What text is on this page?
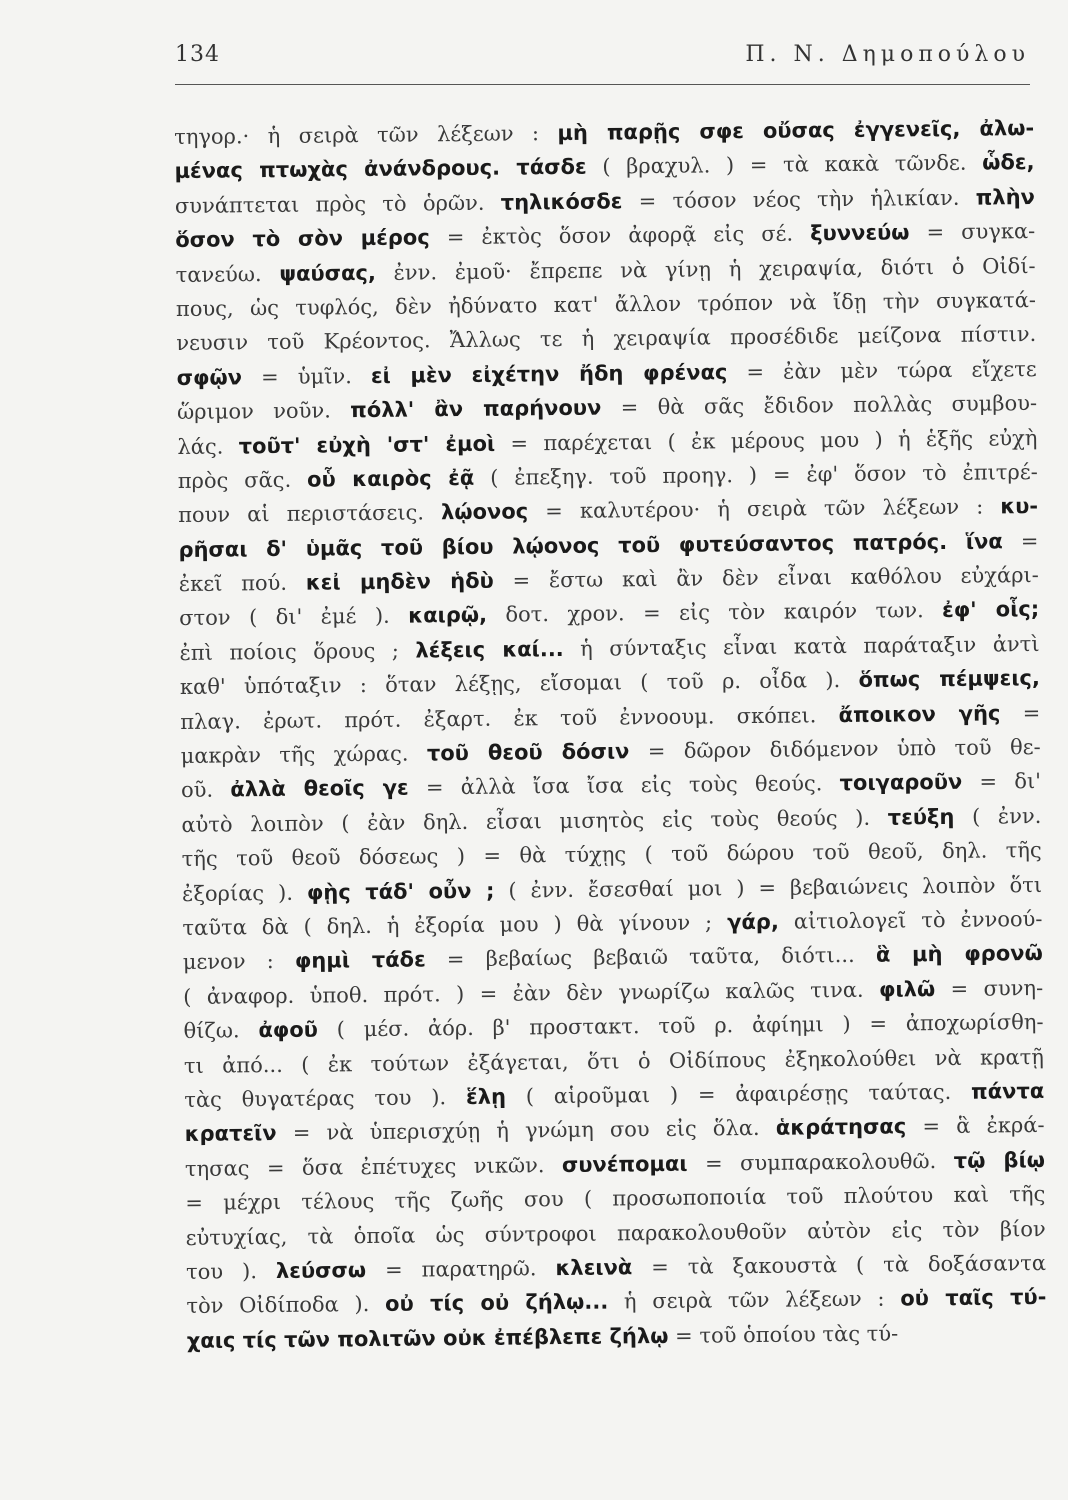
134	Π. Ν. Δημοπούλου
τηγορ.· ἡ σειρὰ τῶν λέξεων : μὴ παρῇς σφε οὔσας ἐγγενεῖς, ἀλω-
μένας πτωχὰς ἀνάνδρους. τάσδε ( βραχυλ. ) = τὰ κακὰ τῶνδε. ὧδε,
συνάπτεται πρὸς τὸ ὁρῶν. τηλικόσδε = τόσον νέος τὴν ἡλικίαν. πλὴν
ὅσον τὸ σὸν μέρος = ἐκτὸς ὅσον ἀφορᾷ εἰς σέ. ξυννεύω = συγκα-
τανεύω. ψαύσας, ἐνν. ἐμοῦ· ἔπρεπε νὰ γίνῃ ἡ χειραψία, διότι ὁ Οἰδί-
πους, ὡς τυφλός, δὲν ἠδύνατο κατ' ἄλλον τρόπον νὰ ἴδῃ τὴν συγκατά-
νευσιν τοῦ Κρέοντος. Ἄλλως τε ἡ χειραψία προσέδιδε μείζονα πίστιν.
σφῷν = ὑμῖν. εἰ μὲν εἰχέτην ἤδη φρένας = ἐὰν μὲν τώρα εἴχετε
ὥριμον νοῦν. πόλλ' ἂν παρήνουν = θὰ σᾶς ἔδιδον πολλὰς συμβου-
λάς. τοῦτ' εὐχὴ 'στ' ἐμοὶ = παρέχεται ( ἐκ μέρους μου ) ἡ ἑξῆς εὐχὴ
πρὸς σᾶς. οὗ καιρὸς ἐᾷ ( ἐπεξηγ. τοῦ προηγ. ) = ἐφ' ὅσον τὸ ἐπιτρέ-
πουν αἱ περιστάσεις. λῴονος = καλυτέρου· ἡ σειρὰ τῶν λέξεων : κυ-
ρῆσαι δ' ὑμᾶς τοῦ βίου λῴονος τοῦ φυτεύσαντος πατρός. ἵνα =
ἐκεῖ πού. κεἰ μηδὲν ἡδὺ = ἔστω καὶ ἂν δὲν εἶναι καθόλου εὐχάρι-
στον ( δι' ἐμέ ). καιρῷ, δοτ. χρον. = εἰς τὸν καιρόν των. ἐφ' οἷς;
ἐπὶ ποίοις ὅρους ; λέξεις καί... ἡ σύνταξις εἶναι κατὰ παράταξιν ἀντὶ
καθ' ὑπόταξιν : ὅταν λέξῃς, εἴσομαι ( τοῦ ρ. οἶδα ). ὅπως πέμψεις,
πλαγ. ἐρωτ. πρότ. ἐξαρτ. ἐκ τοῦ ἐννοουμ. σκόπει. ἄποικον γῆς =
μακρὰν τῆς χώρας. τοῦ θεοῦ δόσιν = δῶρον διδόμενον ὑπὸ τοῦ θε-
οῦ. ἀλλὰ θεοῖς γε = ἀλλὰ ἴσα ἴσα εἰς τοὺς θεούς. τοιγαροῦν = δι'
αὐτὸ λοιπὸν ( ἐὰν δηλ. εἶσαι μισητὸς εἰς τοὺς θεούς ). τεύξη ( ἐνν.
τῆς τοῦ θεοῦ δόσεως ) = θὰ τύχῃς ( τοῦ δώρου τοῦ θεοῦ, δηλ. τῆς
ἐξορίας ). φῂς τάδ' οὖν ; ( ἐνν. ἔσεσθαί μοι ) = βεβαιώνεις λοιπὸν ὅτι
ταῦτα δὰ ( δηλ. ἡ ἐξορία μου ) θὰ γίνουν ; γάρ, αἰτιολογεῖ τὸ ἐννοού-
μενον : φημὶ τάδε = βεβαίως βεβαιῶ ταῦτα, διότι... ἃ μὴ φρονῶ
( ἀναφορ. ὑποθ. πρότ. ) = ἐὰν δὲν γνωρίζω καλῶς τινα. φιλῶ = συνη-
θίζω. ἀφοῦ ( μέσ. ἀόρ. β' προστακτ. τοῦ ρ. ἀφίημι ) = ἀποχωρίσθη-
τι ἀπό... ( ἐκ τούτων ἐξάγεται, ὅτι ὁ Οἰδίπους ἐξηκολούθει νὰ κρατῇ
τὰς θυγατέρας του ). ἕλῃ ( αἱροῦμαι ) = ἀφαιρέσῃς ταύτας. πάντα
κρατεῖν = νὰ ὑπερισχύῃ ἡ γνώμη σου εἰς ὅλα. ἁκράτησας = ἃ ἐκρά-
τησας = ὅσα ἐπέτυχες νικῶν. συνέπομαι = συμπαρακολουθῶ. τῷ βίῳ
= μέχρι τέλους τῆς ζωῆς σου ( προσωποποιία τοῦ πλούτου καὶ τῆς
εὐτυχίας, τὰ ὁποῖα ὡς σύντροφοι παρακολουθοῦν αὐτὸν εἰς τὸν βίον
του ). λεύσσω = παρατηρῶ. κλεινὰ = τὰ ξακουστὰ ( τὰ δοξάσαντα
τὸν Οἰδίποδα ). οὐ τίς οὐ ζήλῳ... ἡ σειρὰ τῶν λέξεων : οὐ ταῖς τύ-
χαις τίς τῶν πολιτῶν οὐκ ἐπέβλεπε ζήλῳ = τοῦ ὁποίου τὰς τύ-
